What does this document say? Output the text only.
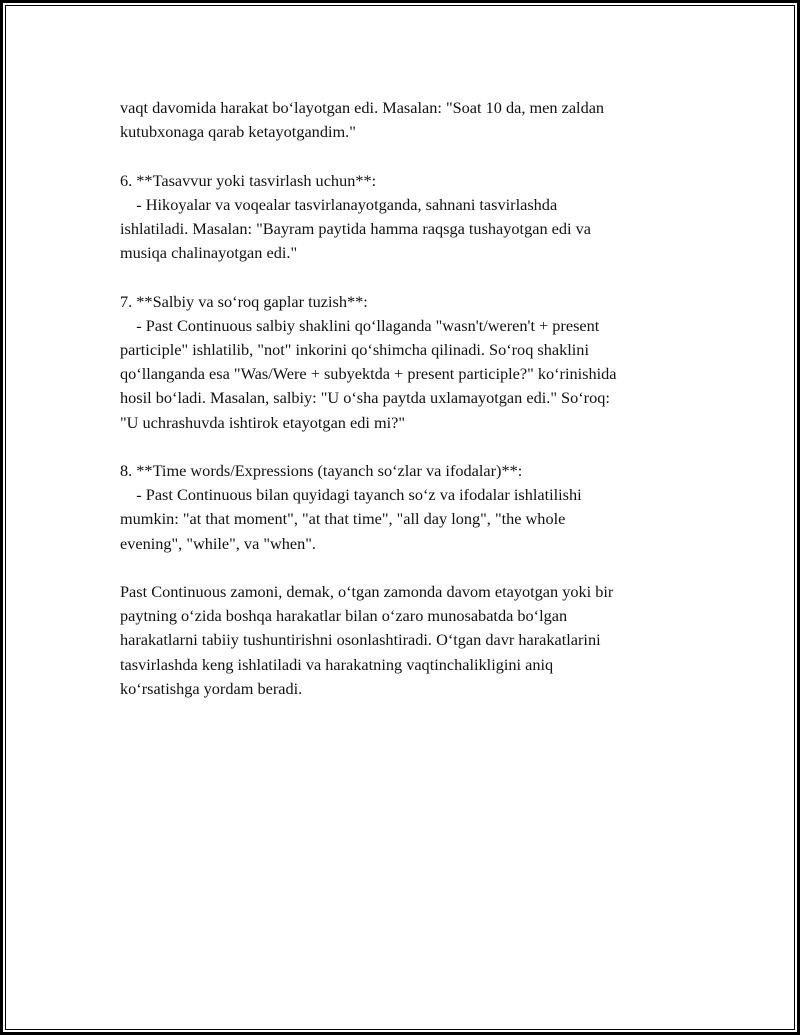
vaqt davomida harakat bo‘layotgan edi. Masalan: "Soat 10 da, men zaldan
kutubxonaga qarab ketayotgandim."
6. **Tasavvur yoki tasvirlash uchun**:
- Hikoyalar va voqealar tasvirlanayotganda, sahnani tasvirlashda
ishlatiladi. Masalan: "Bayram paytida hamma raqsga tushayotgan edi va
musiqa chalinayotgan edi."
7. **Salbiy va so‘roq gaplar tuzish**:
- Past Continuous salbiy shaklini qo‘llaganda "wasn't/weren't + present
participle" ishlatilib, "not" inkorini qo‘shimcha qilinadi. So‘roq shaklini
qo‘llanganda esa "Was/Were + subyektda + present participle?" ko‘rinishida
hosil bo‘ladi. Masalan, salbiy: "U o‘sha paytda uxlamayotgan edi." So‘roq:
"U uchrashuvda ishtirok etayotgan edi mi?"
8. **Time words/Expressions (tayanch so‘zlar va ifodalar)**:
- Past Continuous bilan quyidagi tayanch so‘z va ifodalar ishlatilishi
mumkin: "at that moment", "at that time", "all day long", "the whole
evening", "while", va "when".
Past Continuous zamoni, demak, o‘tgan zamonda davom etayotgan yoki bir
paytning o‘zida boshqa harakatlar bilan o‘zaro munosabatda bo‘lgan
harakatlarni tabiiy tushuntirishni osonlashtiradi. O‘tgan davr harakatlarini
tasvirlashda keng ishlatiladi va harakatning vaqtinchalikligini aniq
ko‘rsatishga yordam beradi.
